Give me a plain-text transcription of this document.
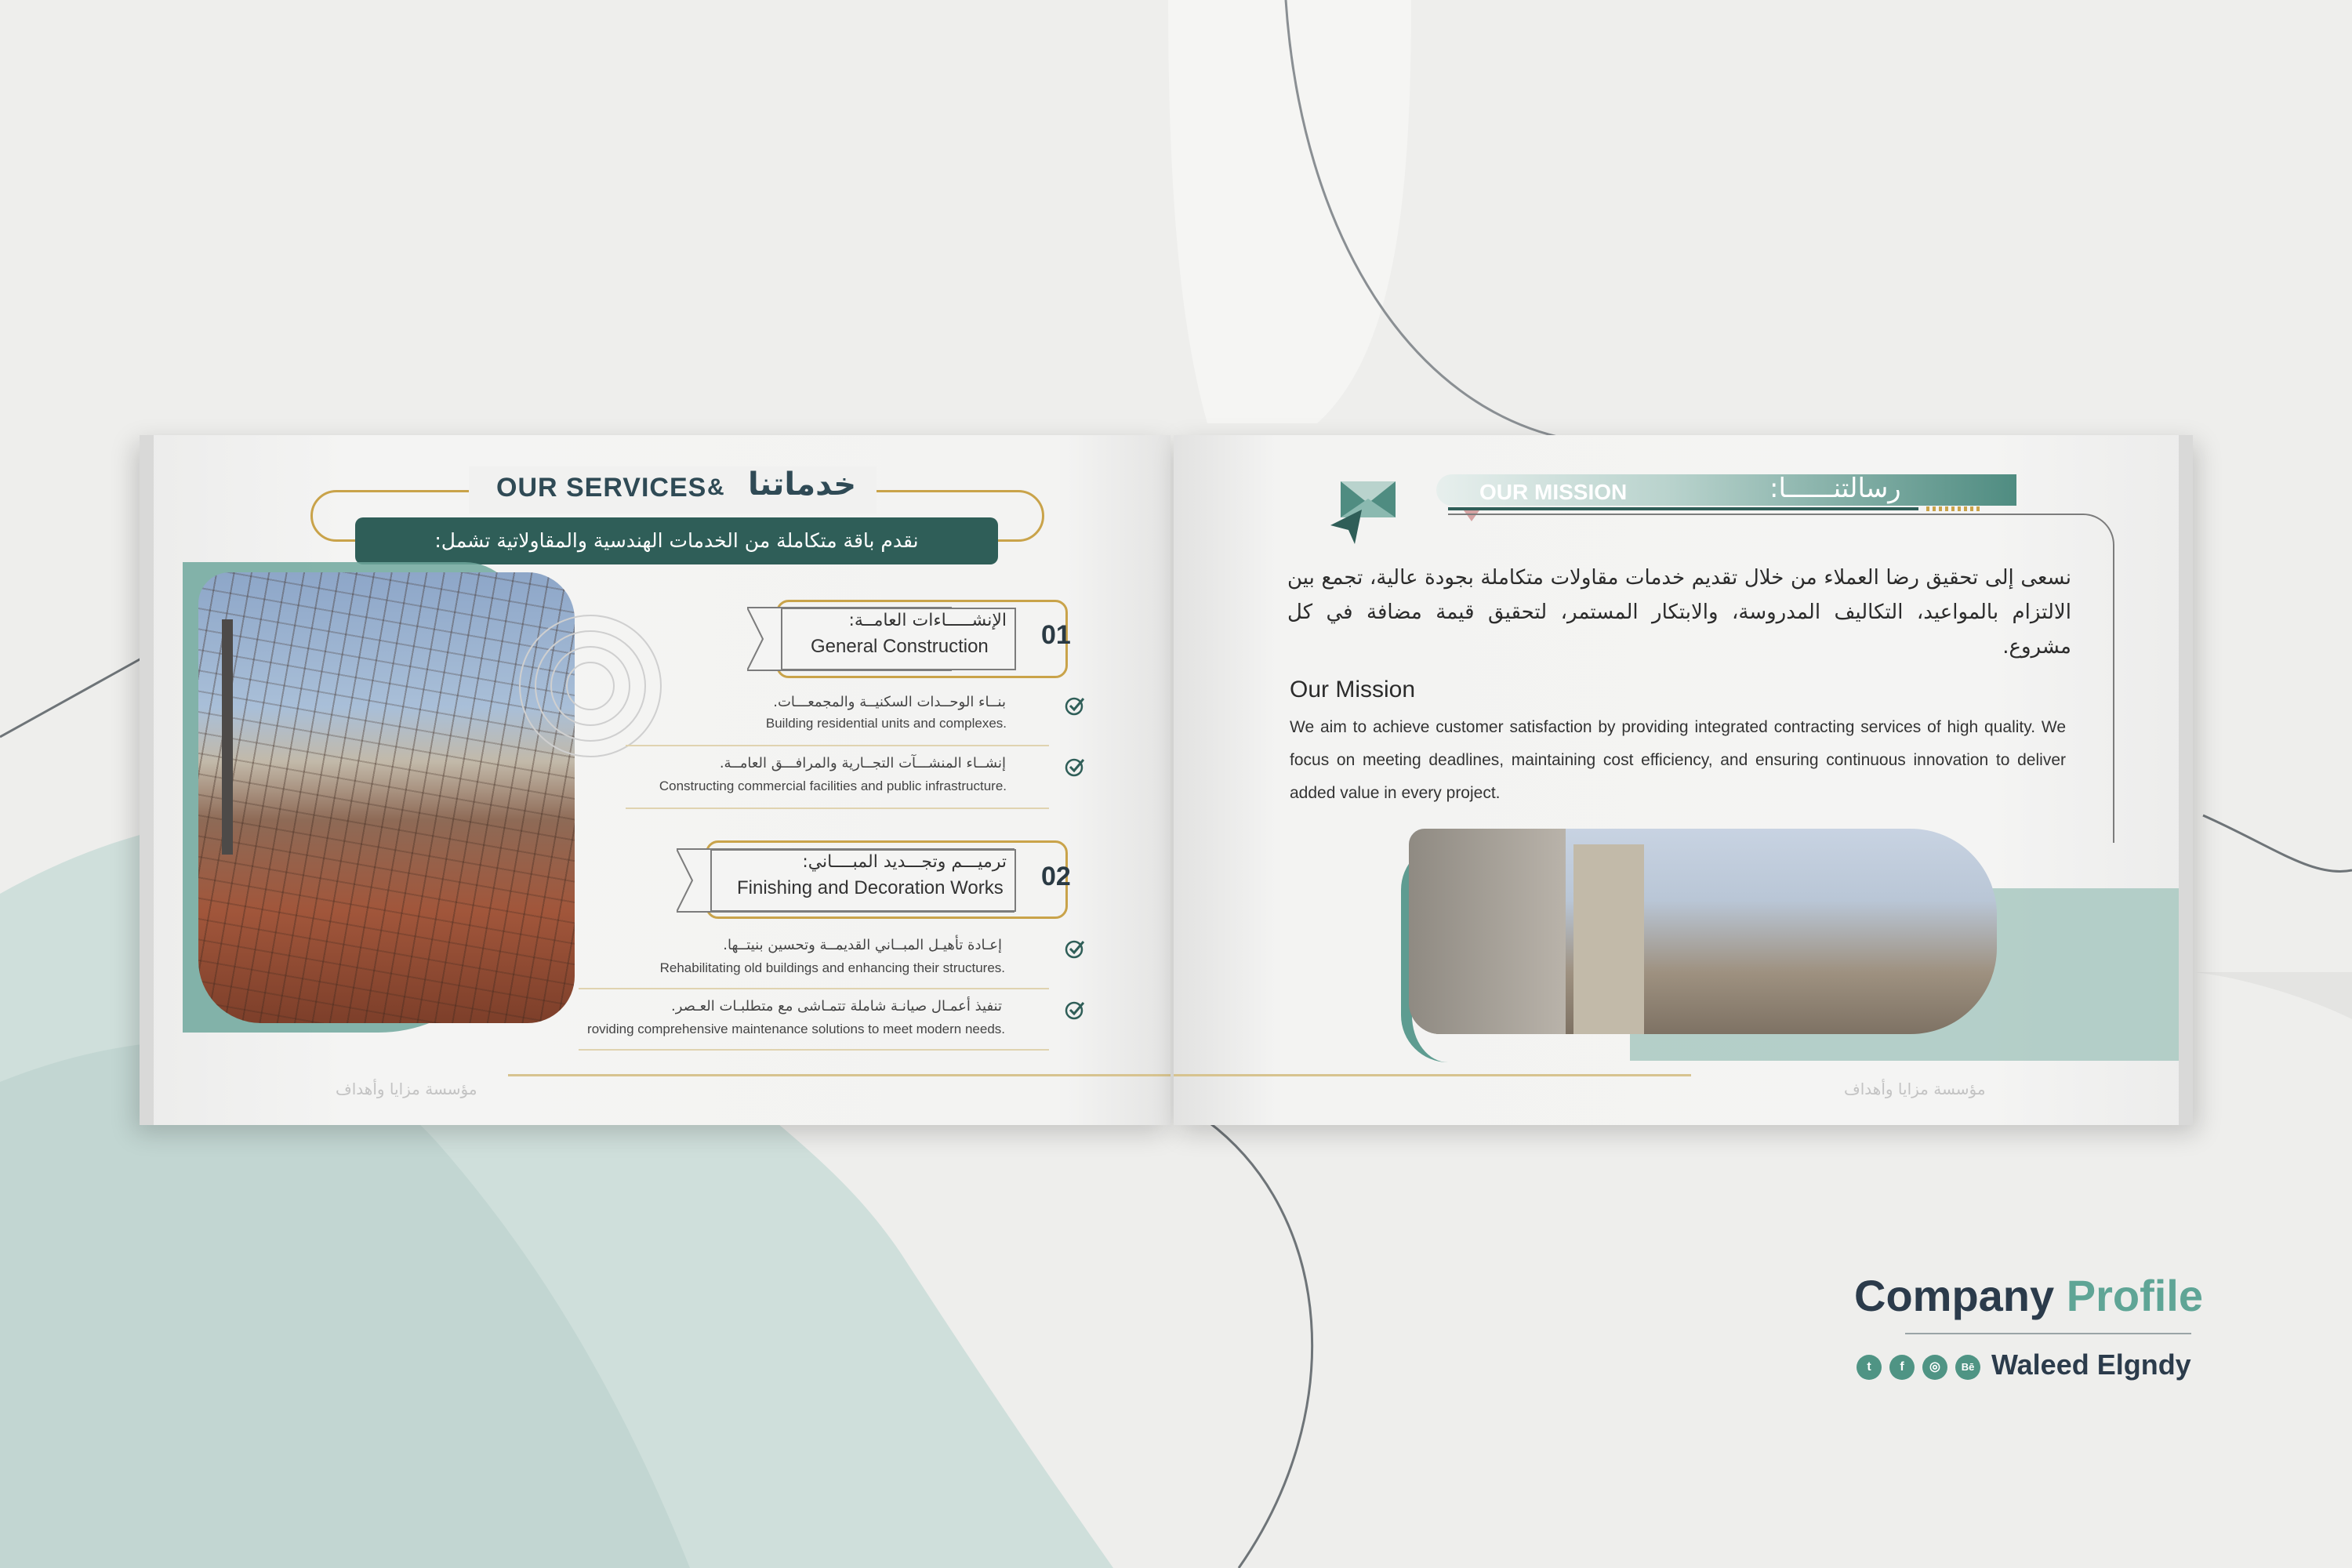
OUR SERVICES & خدماتنا
نقدم باقة متكاملة من الخدمات الهندسية والمقاولاتية تشمل:
الإنشـــــاءات العامــة:
General Construction 01
بنــاء الوحــدات السكنيــة والمجمعـــات.
Building residential units and complexes.
إنشــاء المنشـــآت التجــارية والمرافـــق العامــة.
Constructing commercial facilities and public infrastructure.
ترميـــم وتجـــديد المبــــاني:
Finishing and Decoration Works 02
إعـادة تأهيـل المبــاني القديمــة وتحسين بنيتــها.
Rehabilitating old buildings and enhancing their structures.
تنفيذ أعمـال صيانـة شاملة تتمـاشى مع متطلبـات العـصر.
roviding comprehensive maintenance solutions to meet modern needs.
مؤسسة مزايا وأهداف
OUR MISSION	رسالتنــــــا:
نسعى إلى تحقيق رضا العملاء من خلال تقديم خدمات مقاولات متكاملة بجودة عالية، تجمع بين الالتزام بالمواعيد، التكاليف المدروسة، والابتكار المستمر، لتحقيق قيمة مضافة في كل مشروع.
Our Mission
We aim to achieve customer satisfaction by providing integrated contracting services of high quality. We focus on meeting deadlines, maintaining cost efficiency, and ensuring continuous innovation to deliver added value in every project.
مؤسسة مزايا وأهداف
Company Profile
t	f	◎	Bē Waleed Elgndy
